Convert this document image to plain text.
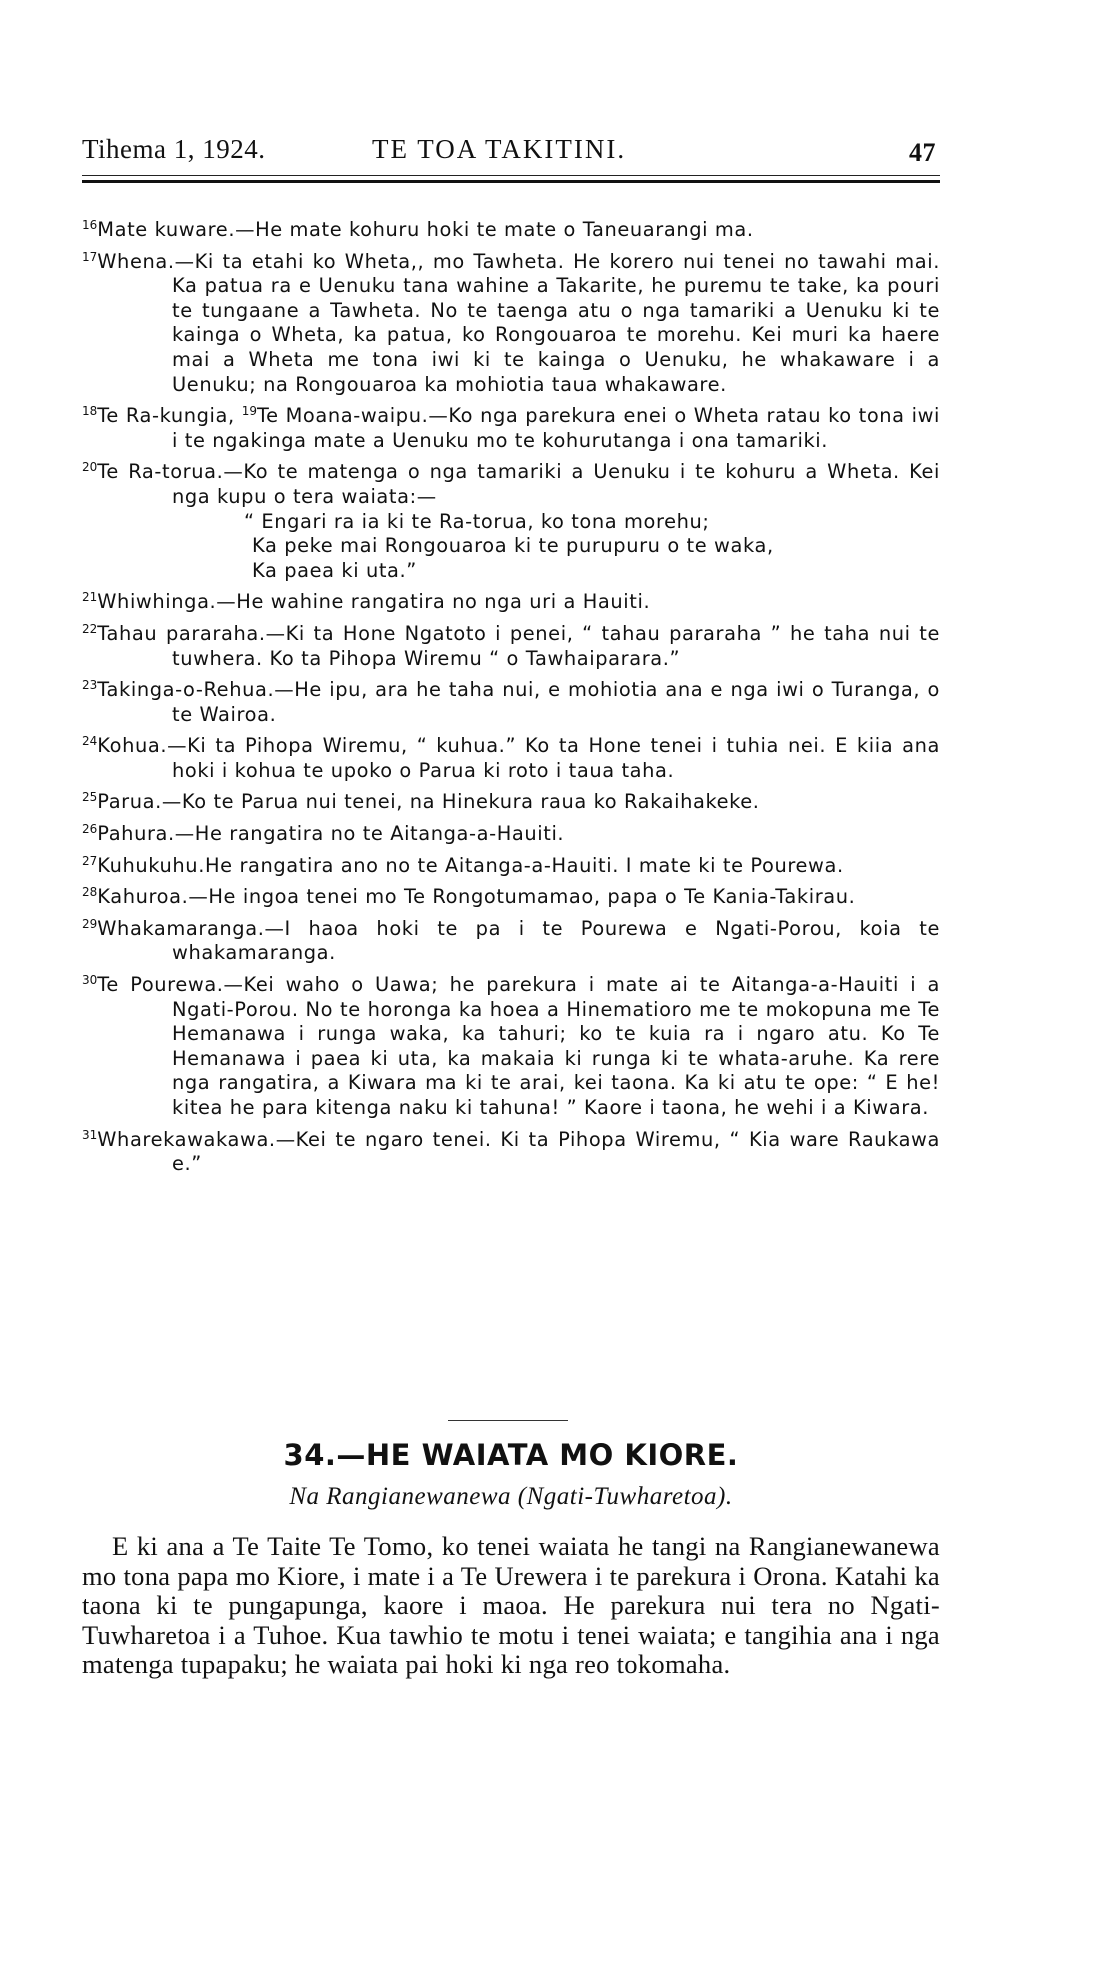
Tihema 1, 1924.	TE TOA TAKITINI.	47

$^{16}$Mate kuware.—He mate kohuru hoki te mate o Taneuarangi ma.

$^{17}$Whena.—Ki ta etahi ko Wheta,, mo Tawheta. He korero nui tenei no tawahi mai. Ka patua ra e Uenuku tana wahine a Takarite, he puremu te take, ka pouri te tungaane a Tawheta. No te taenga atu o nga tamariki a Uenuku ki te kainga o Wheta, ka patua, ko Rongouaroa te morehu. Kei muri ka haere mai a Wheta me tona iwi ki te kainga o Uenuku, he whakaware i a Uenuku; na Rongouaroa ka mohiotia taua whakaware.

$^{18}$Te Ra-kungia, $^{19}$Te Moana-waipu.—Ko nga parekura enei o Wheta ratau ko tona iwi i te ngakinga mate a Uenuku mo te kohurutanga i ona tamariki.

$^{20}$Te Ra-torua.—Ko te matenga o nga tamariki a Uenuku i te kohuru a Wheta. Kei nga kupu o tera waiata:—
“ Engari ra ia ki te Ra-torua, ko tona morehu;
Ka peke mai Rongouaroa ki te purupuru o te waka,
Ka paea ki uta.”

$^{21}$Whiwhinga.—He wahine rangatira no nga uri a Hauiti.

$^{22}$Tahau pararaha.—Ki ta Hone Ngatoto i penei, “ tahau pararaha ” he taha nui te tuwhera. Ko ta Pihopa Wiremu “ o Tawhaipararа.”

$^{23}$Takinga-o-Rehua.—He ipu, ara he taha nui, e mohiotia ana e nga iwi o Turanga, o te Wairoa.

$^{24}$Kohua.—Ki ta Pihopa Wiremu, “ kuhua.” Ko ta Hone tenei i tuhia nei. E kiia ana hoki i kohua te upoko o Parua ki roto i taua taha.

$^{25}$Parua.—Ko te Parua nui tenei, na Hinekura raua ko Rakaihakeke.

$^{26}$Pahura.—He rangatira no te Aitanga-a-Hauiti.

$^{27}$Kuhukuhu.He rangatira ano no te Aitanga-a-Hauiti. I mate ki te Pourewa.

$^{28}$Kahuroa.—He ingoa tenei mo Te Rongotumamao, papa o Te Kania-Takirau.

$^{29}$Whakamaranga.—I haoa hoki te pa i te Pourewa e Ngati-Porou, koia te whakamaranga.

$^{30}$Te Pourewa.—Kei waho o Uawa; he parekura i mate ai te Aitanga-a-Hauiti i a Ngati-Porou. No te horonga ka hoea a Hinematioro me te mokopuna me Te Hemanawa i runga waka, ka tahuri; ko te kuia ra i ngaro atu. Ko Te Hemanawa i paea ki uta, ka makaia ki runga ki te whata-aruhe. Ka rere nga rangatira, a Kiwara ma ki te arai, kei taona. Ka ki atu te ope: “ E he! kitea he para kitenga naku ki tahuna! ” Kaore i taona, he wehi i a Kiwara.

$^{31}$Wharekawakawa.—Kei te ngaro tenei. Ki ta Pihopa Wiremu, “ Kia ware Raukawa e.”

34.—HE WAIATA MO KIORE.
Na Rangianewanewa (Ngati-Tuwharetoa).
E ki ana a Te Taite Te Tomo, ko tenei waiata he tangi na Rangianewanewa mo tona papa mo Kiore, i mate i a Te Urewera i te parekura i Orona. Katahi ka taona ki te pungapunga, kaore i maoa. He parekura nui tera no Ngati-Tuwharetoa i a Tuhoe. Kua tawhio te motu i tenei waiata; e tangihia ana i nga matenga tupapaku; he waiata pai hoki ki nga reo tokomaha.
